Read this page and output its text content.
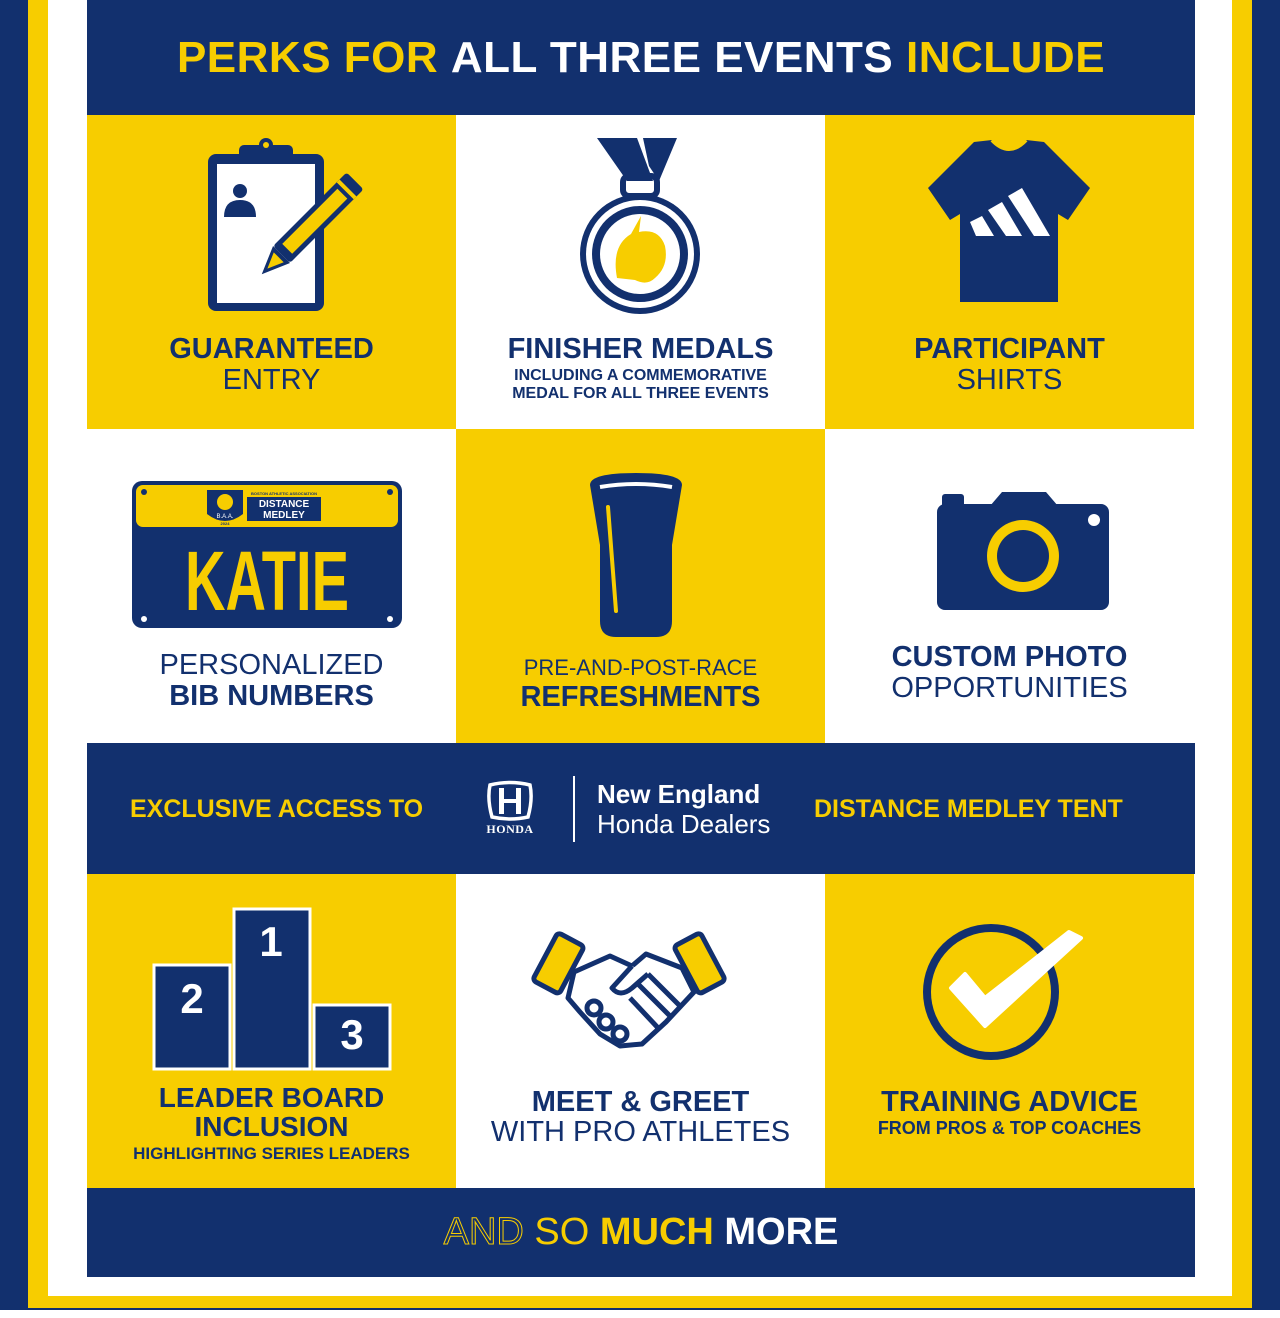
PERKS FOR
ALL THREE EVENTS
INCLUDE
GUARANTEED
ENTRY
FINISHER MEDALS
INCLUDING A COMMEMORATIVE
MEDAL FOR ALL THREE EVENTS
PARTICIPANT
SHIRTS
B.A.A.
2024
BOSTON ATHLETIC ASSOCIATION
DISTANCE
MEDLEY
KATIE
PERSONALIZED
BIB NUMBERS
PRE-AND-POST-RACE
REFRESHMENTS
CUSTOM PHOTO
OPPORTUNITIES
EXCLUSIVE ACCESS TO
HONDA
New England
Honda Dealers DISTANCE MEDLEY TENT
1
2
3
LEADER BOARD
INCLUSION
HIGHLIGHTING SERIES LEADERS
MEET & GREET
WITH PRO ATHLETES
TRAINING ADVICE
FROM PROS & TOP COACHES
AND
SO
MUCH
MORE
